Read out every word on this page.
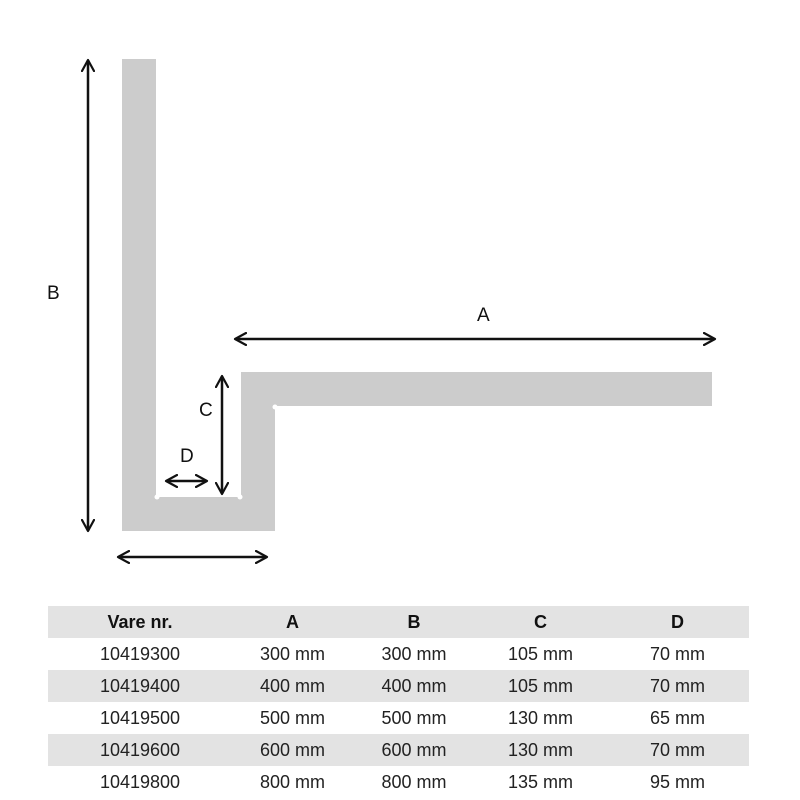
B
A
C
D
Vare nr.	A	B	C	D
10419300	300 mm	300 mm	105 mm	70 mm
10419400	400 mm	400 mm	105 mm	70 mm
10419500	500 mm	500 mm	130 mm	65 mm
10419600	600 mm	600 mm	130 mm	70 mm
10419800	800 mm	800 mm	135 mm	95 mm
